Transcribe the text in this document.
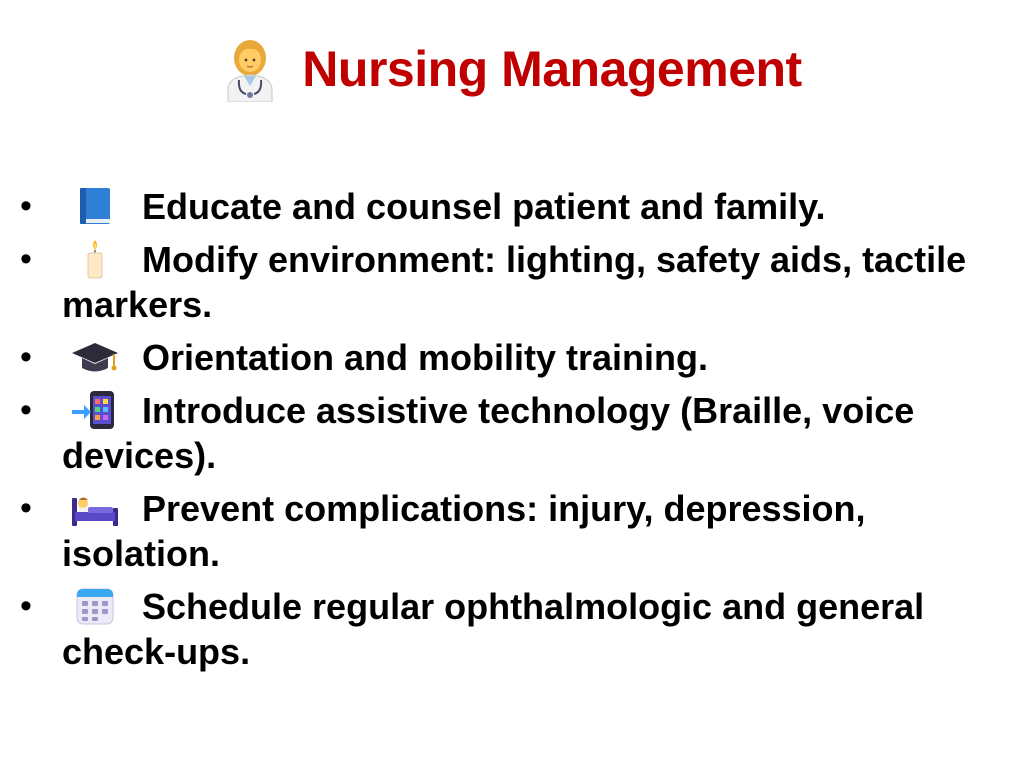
Nursing Management
• Educate and counsel patient and family.
• Modify environment: lighting, safety aids, tactile markers.
• Orientation and mobility training.
• Introduce assistive technology (Braille, voice devices).
• Prevent complications: injury, depression, isolation.
• Schedule regular ophthalmologic and general check-ups.
